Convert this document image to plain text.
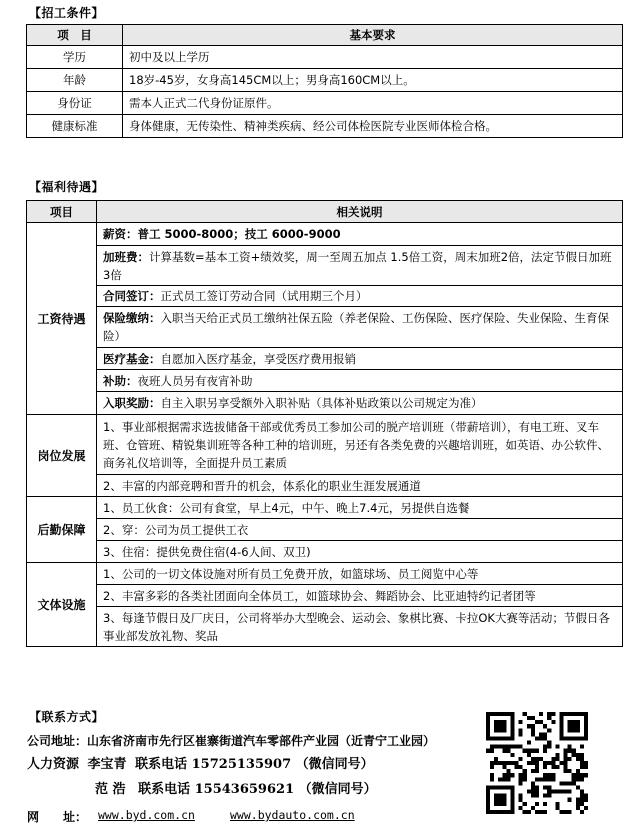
【招工条件】
项　目	基本要求
学历	初中及以上学历
年龄	18岁-45岁，女身高145CM以上；男身高160CM以上。
身份证	需本人正式二代身份证原件。
健康标准	身体健康，无传染性、精神类疾病、经公司体检医院专业医师体检合格。
【福利待遇】
项目	相关说明
工资待遇	薪资：普工 5000-8000；技工 6000-9000
	加班费：计算基数=基本工资+绩效奖，周一至周五加点 1.5倍工资，周末加班2倍，法定节假日加班3倍
	合同签订：正式员工签订劳动合同（试用期三个月）
	保险缴纳：入职当天给正式员工缴纳社保五险（养老保险、工伤保险、医疗保险、失业保险、生育保险）
	医疗基金：自愿加入医疗基金，享受医疗费用报销
	补助：夜班人员另有夜宵补助
	入职奖励：自主入职另享受额外入职补贴（具体补贴政策以公司规定为准）
岗位发展	1、事业部根据需求选拔储备干部或优秀员工参加公司的脱产培训班（带薪培训），有电工班、叉车班、仓管班、精锐集训班等各种工种的培训班，另还有各类免费的兴趣培训班，如英语、办公软件、商务礼仪培训等，全面提升员工素质
	2、丰富的内部竞聘和晋升的机会，体系化的职业生涯发展通道
后勤保障	1、员工伙食：公司有食堂，早上4元，中午、晚上7.4元，另提供自选餐
	2、穿：公司为员工提供工衣
	3、住宿：提供免费住宿(4-6人间、双卫)
文体设施	1、公司的一切文体设施对所有员工免费开放，如篮球场、员工阅览中心等
	2、丰富多彩的各类社团面向全体员工，如篮球协会、舞蹈协会、比亚迪特约记者团等
	3、每逢节假日及厂庆日，公司将举办大型晚会、运动会、象棋比赛、卡拉OK大赛等活动；节假日各事业部发放礼物、奖品
【联系方式】
公司地址：山东省济南市先行区崔寨街道汽车零部件产业园（近青宁工业园）
人力资源 李宝青 联系电话 15725135907 （微信同号）
范 浩 联系电话 15543659621 （微信同号）
网　　址： www.byd.com.cn	www.bydauto.com.cn
